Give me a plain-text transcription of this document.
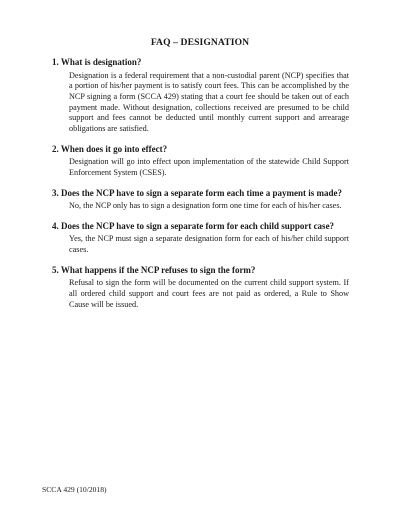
FAQ – DESIGNATION
1. What is designation?
Designation is a federal requirement that a non-custodial parent (NCP) specifies that a portion of his/her payment is to satisfy court fees. This can be accomplished by the NCP signing a form (SCCA 429) stating that a court fee should be taken out of each payment made. Without designation, collections received are presumed to be child support and fees cannot be deducted until monthly current support and arrearage obligations are satisfied.
2. When does it go into effect?
Designation will go into effect upon implementation of the statewide Child Support Enforcement System (CSES).
3. Does the NCP have to sign a separate form each time a payment is made?
No, the NCP only has to sign a designation form one time for each of his/her cases.
4. Does the NCP have to sign a separate form for each child support case?
Yes, the NCP must sign a separate designation form for each of his/her child support cases.
5. What happens if the NCP refuses to sign the form?
Refusal to sign the form will be documented on the current child support system. If all ordered child support and court fees are not paid as ordered, a Rule to Show Cause will be issued.
SCCA 429 (10/2018)
